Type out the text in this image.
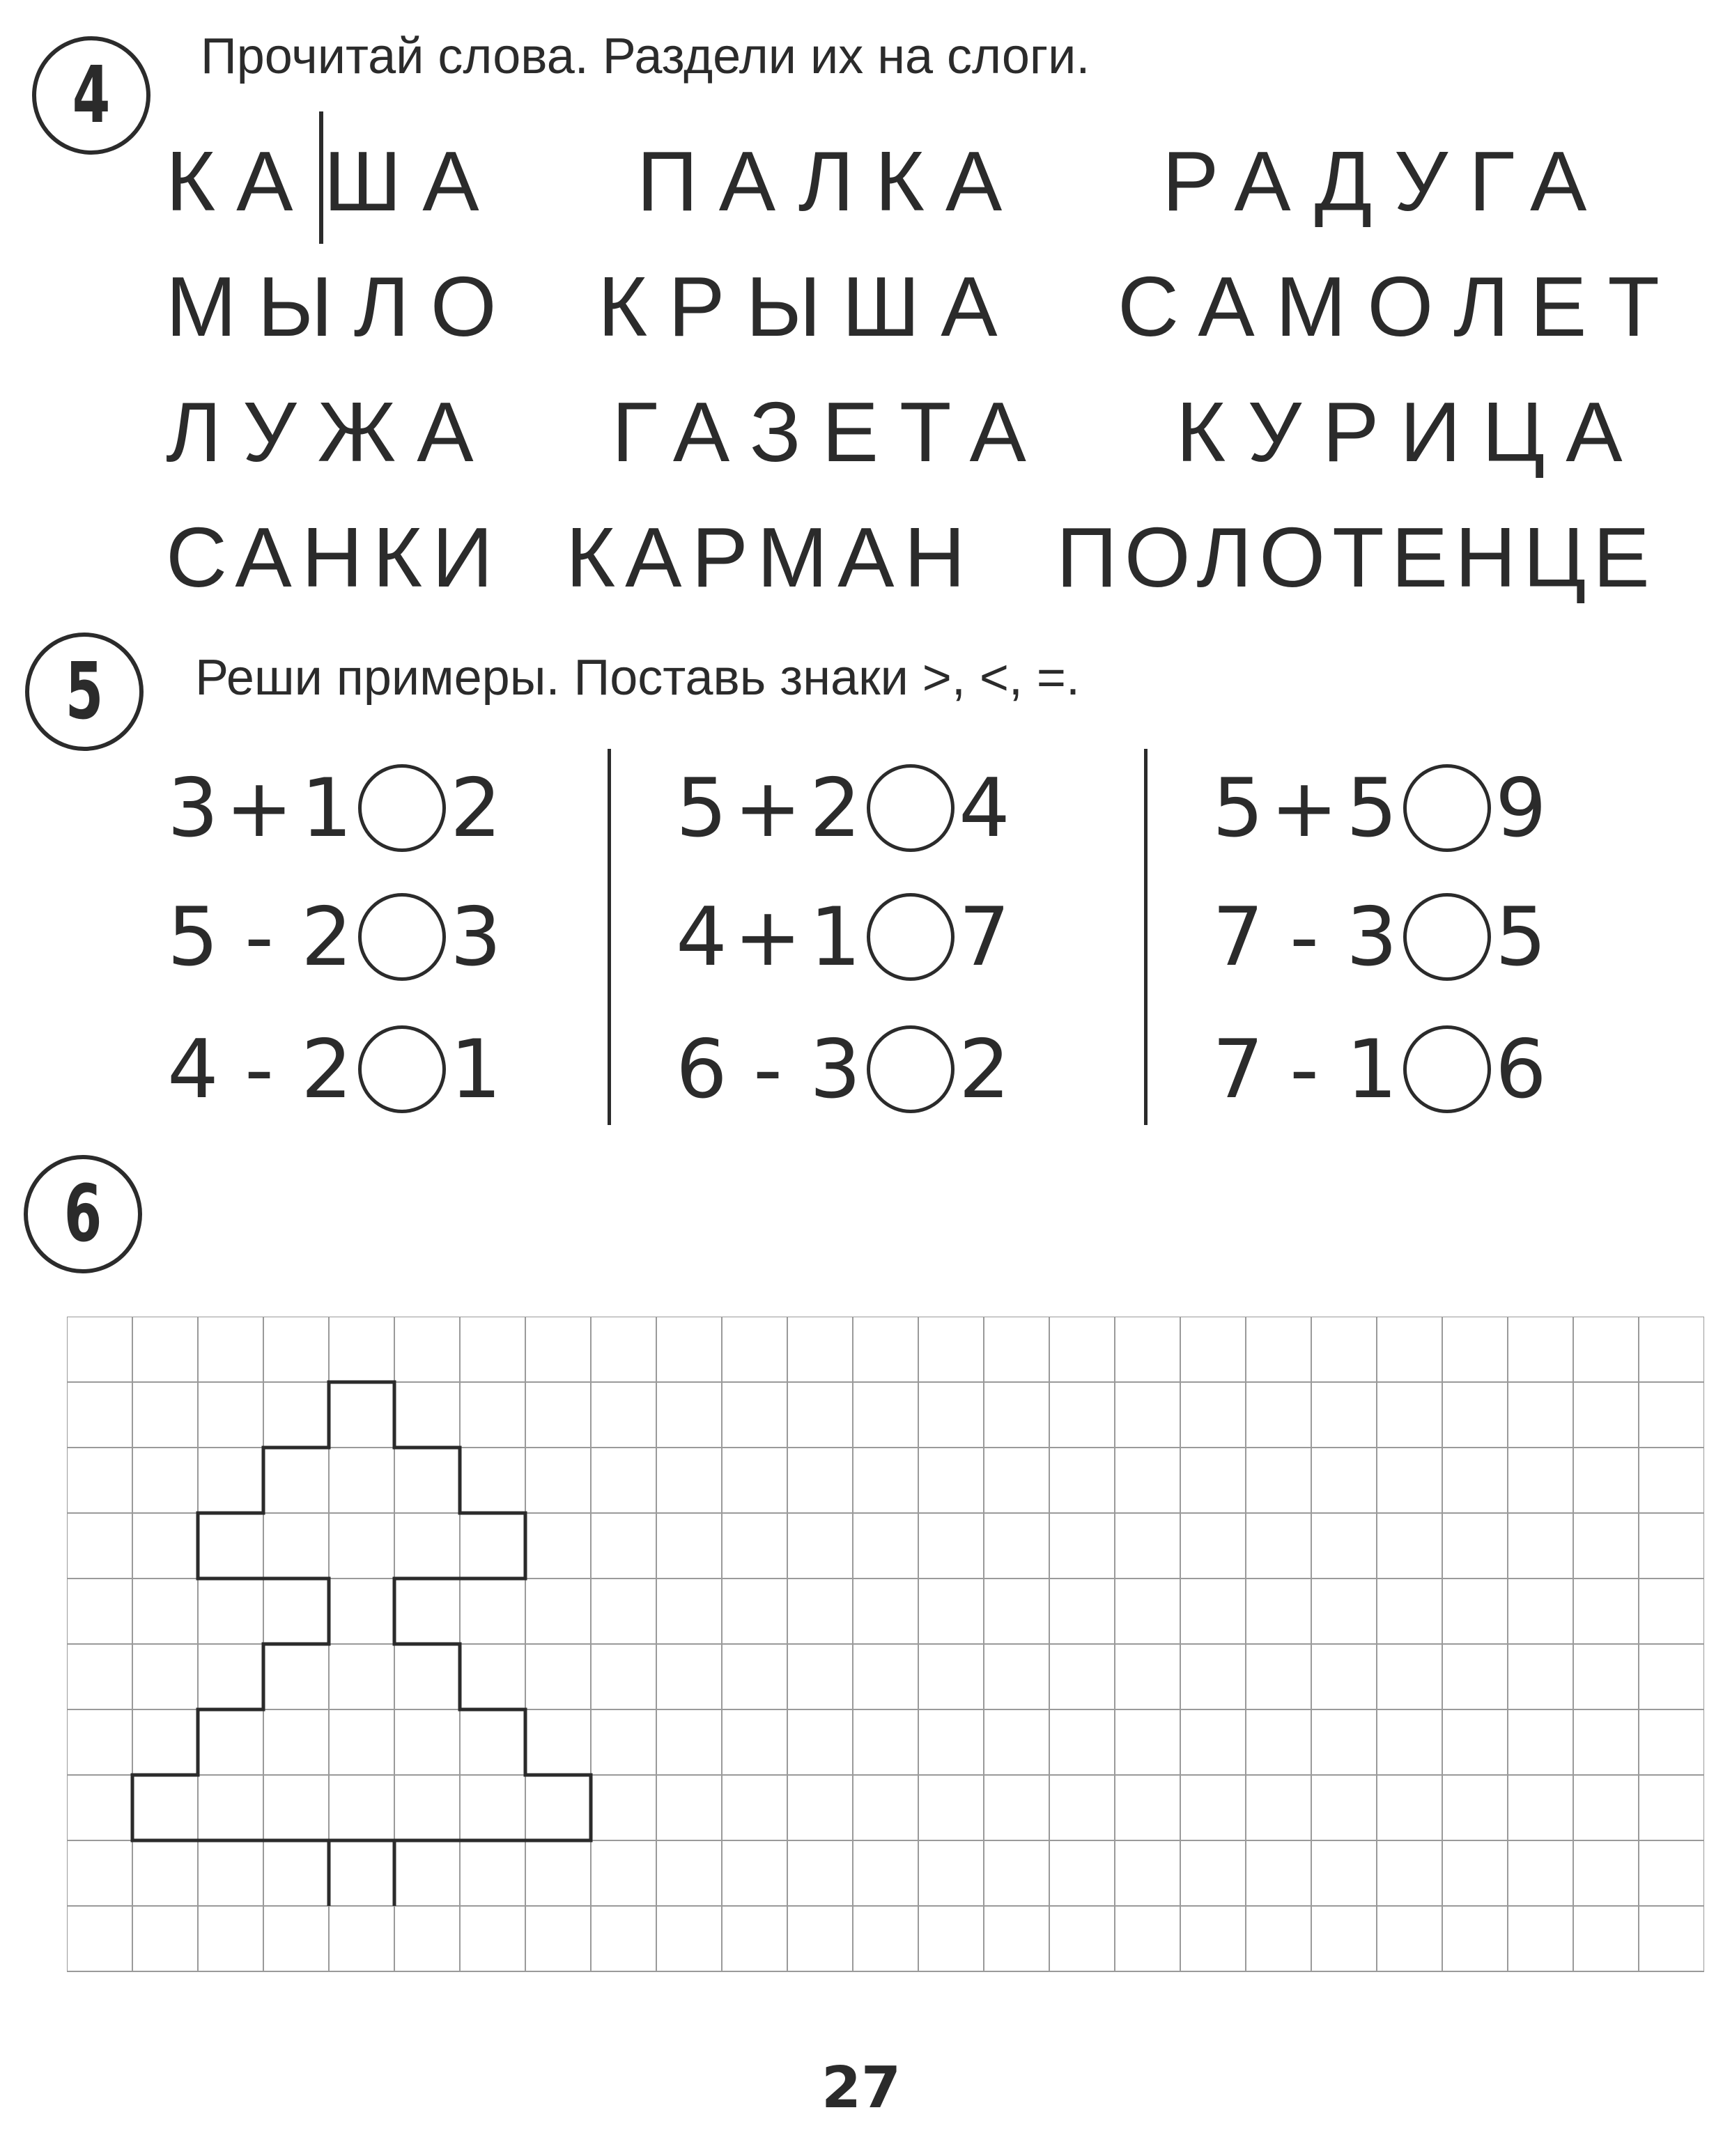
4 Прочитай слова. Раздели их на слоги.
КА ША ПАЛКА РАДУГА
МЫЛО КРЫША САМОЛЕТ
ЛУЖА ГАЗЕТА КУРИЦА
САНКИ КАРМАН ПОЛОТЕНЦЕ
5 Реши примеры. Поставь знаки >, <, =.
3 + 1 2
5 - 2 3
4 - 2 1
5 + 2 4
4 + 1 7
6 - 3 2
5 + 5 9
7 - 3 5
7 - 1 6
6
27
